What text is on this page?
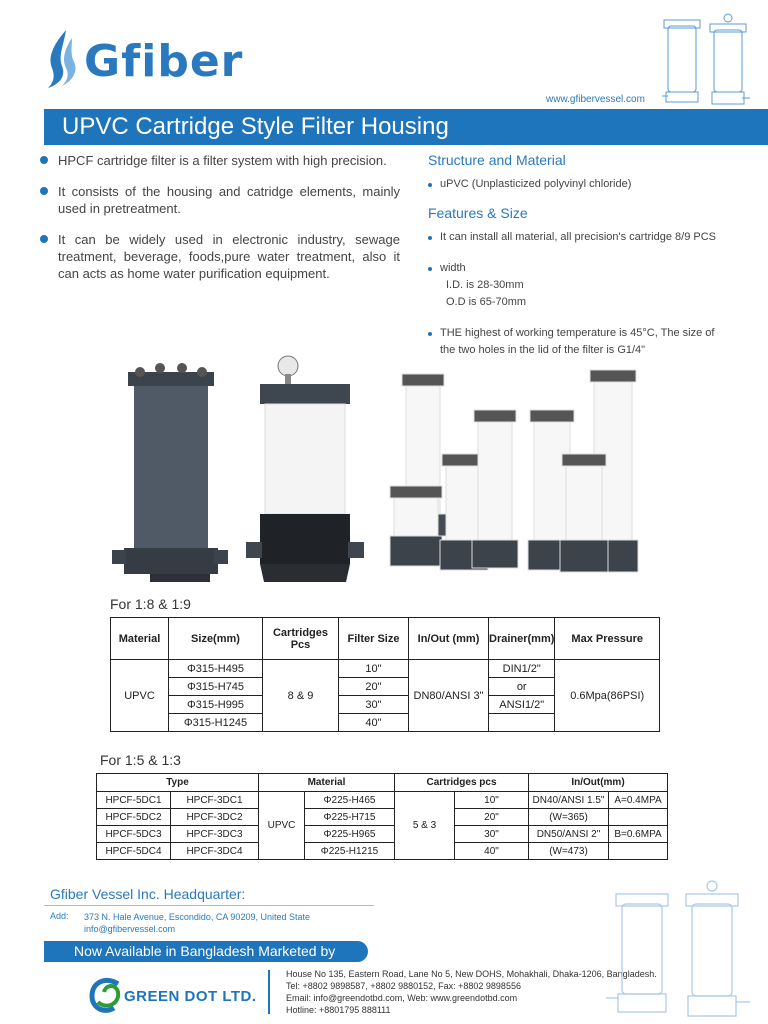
Gfiber
www.gfibervessel.com
UPVC Cartridge Style Filter Housing
HPCF cartridge filter is a filter system with high precision.
It consists of the housing and catridge elements, mainly used in pretreatment.
It can be widely used in electronic industry, sewage treatment, beverage, foods,pure water treatment, also it can acts as home water purification equipment.
Structure and Material
uPVC (Unplasticized polyvinyl chloride)
Features & Size
It can install all material, all precision's cartridge 8/9 PCS
width
I.D. is 28-30mm
O.D is 65-70mm
THE highest of working temperature is 45°C, The size of
the two holes in the lid of the filter is G1/4"
For 1:8 & 1:9
Material	Size(mm)	Cartridges Pcs	Filter Size	In/Out (mm)	Drainer(mm)	Max Pressure
UPVC	Φ315-H495	8 & 9	10"	DN80/ANSI 3"	DIN1/2"	0.6Mpa(86PSI)
	Φ315-H745		20"		or	
	Φ315-H995		30"		ANSI1/2"	
	Φ315-H1245		40"			
For 1:5 & 1:3
Type		Material		Cartridges pcs		In/Out(mm)	
HPCF-5DC1	HPCF-3DC1	UPVC	Φ225-H465	5 & 3	10"	DN40/ANSI 1.5"	A=0.4MPA
HPCF-5DC2	HPCF-3DC2		Φ225-H715		20"	(W=365)	
HPCF-5DC3	HPCF-3DC3		Φ225-H965		30"	DN50/ANSI 2"	B=0.6MPA
HPCF-5DC4	HPCF-3DC4		Φ225-H1215		40"	(W=473)	
Gfiber Vessel Inc. Headquarter:
Add: 373 N. Hale Avenue, Escondido, CA 90209, United State
info@gfibervessel.com
Now Available in Bangladesh Marketed by
GREEN DOT LTD.
House No 135, Eastern Road, Lane No 5, New DOHS, Mohakhali, Dhaka-1206, Bangladesh.
Tel: +8802 9898587, +8802 9880152, Fax: +8802 9898556
Email: info@greendotbd.com, Web: www.greendotbd.com
Hotline: +8801795 888111
